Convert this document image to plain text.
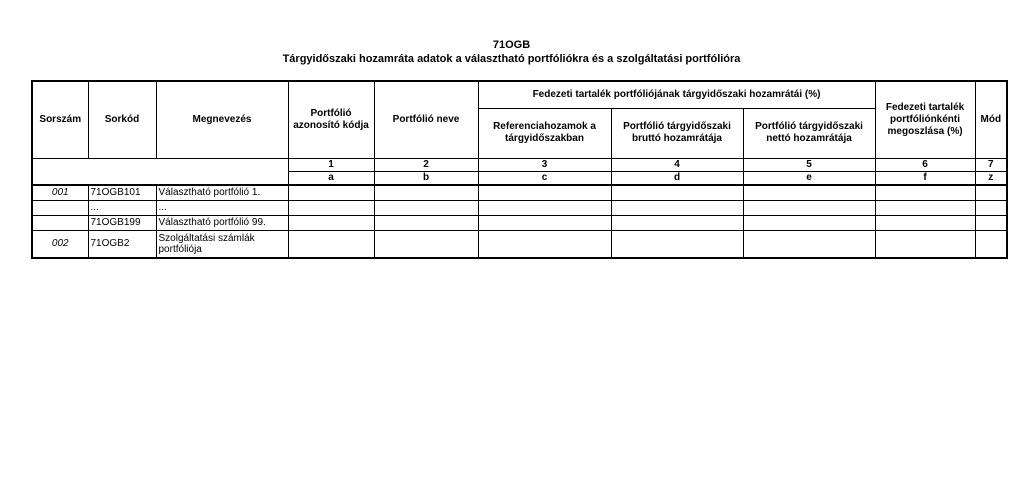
71OGB
Tárgyidőszaki hozamráta adatok a választható portfóliókra és a szolgáltatási portfólióra
Sorszám	Sorkód	Megnevezés	Portfólió azonosító kódja	Portfólió neve	Fedezeti tartalék portfóliójának tárgyidőszaki hozamrátái (%)			Fedezeti tartalék portfóliónkénti megoszlása (%)	Mód
					Referenciahozamok a tárgyidőszakban	Portfólió tárgyidőszaki bruttó hozamrátája	Portfólió tárgyidőszaki nettó hozamrátája		
			1	2	3	4	5	6	7
			a	b	c	d	e	f	z
001	71OGB101	Választható portfólió 1.							
	...	...							
	71OGB199	Választható portfólió 99.							
002	71OGB2	Szolgáltatási számlák portfóliója							
